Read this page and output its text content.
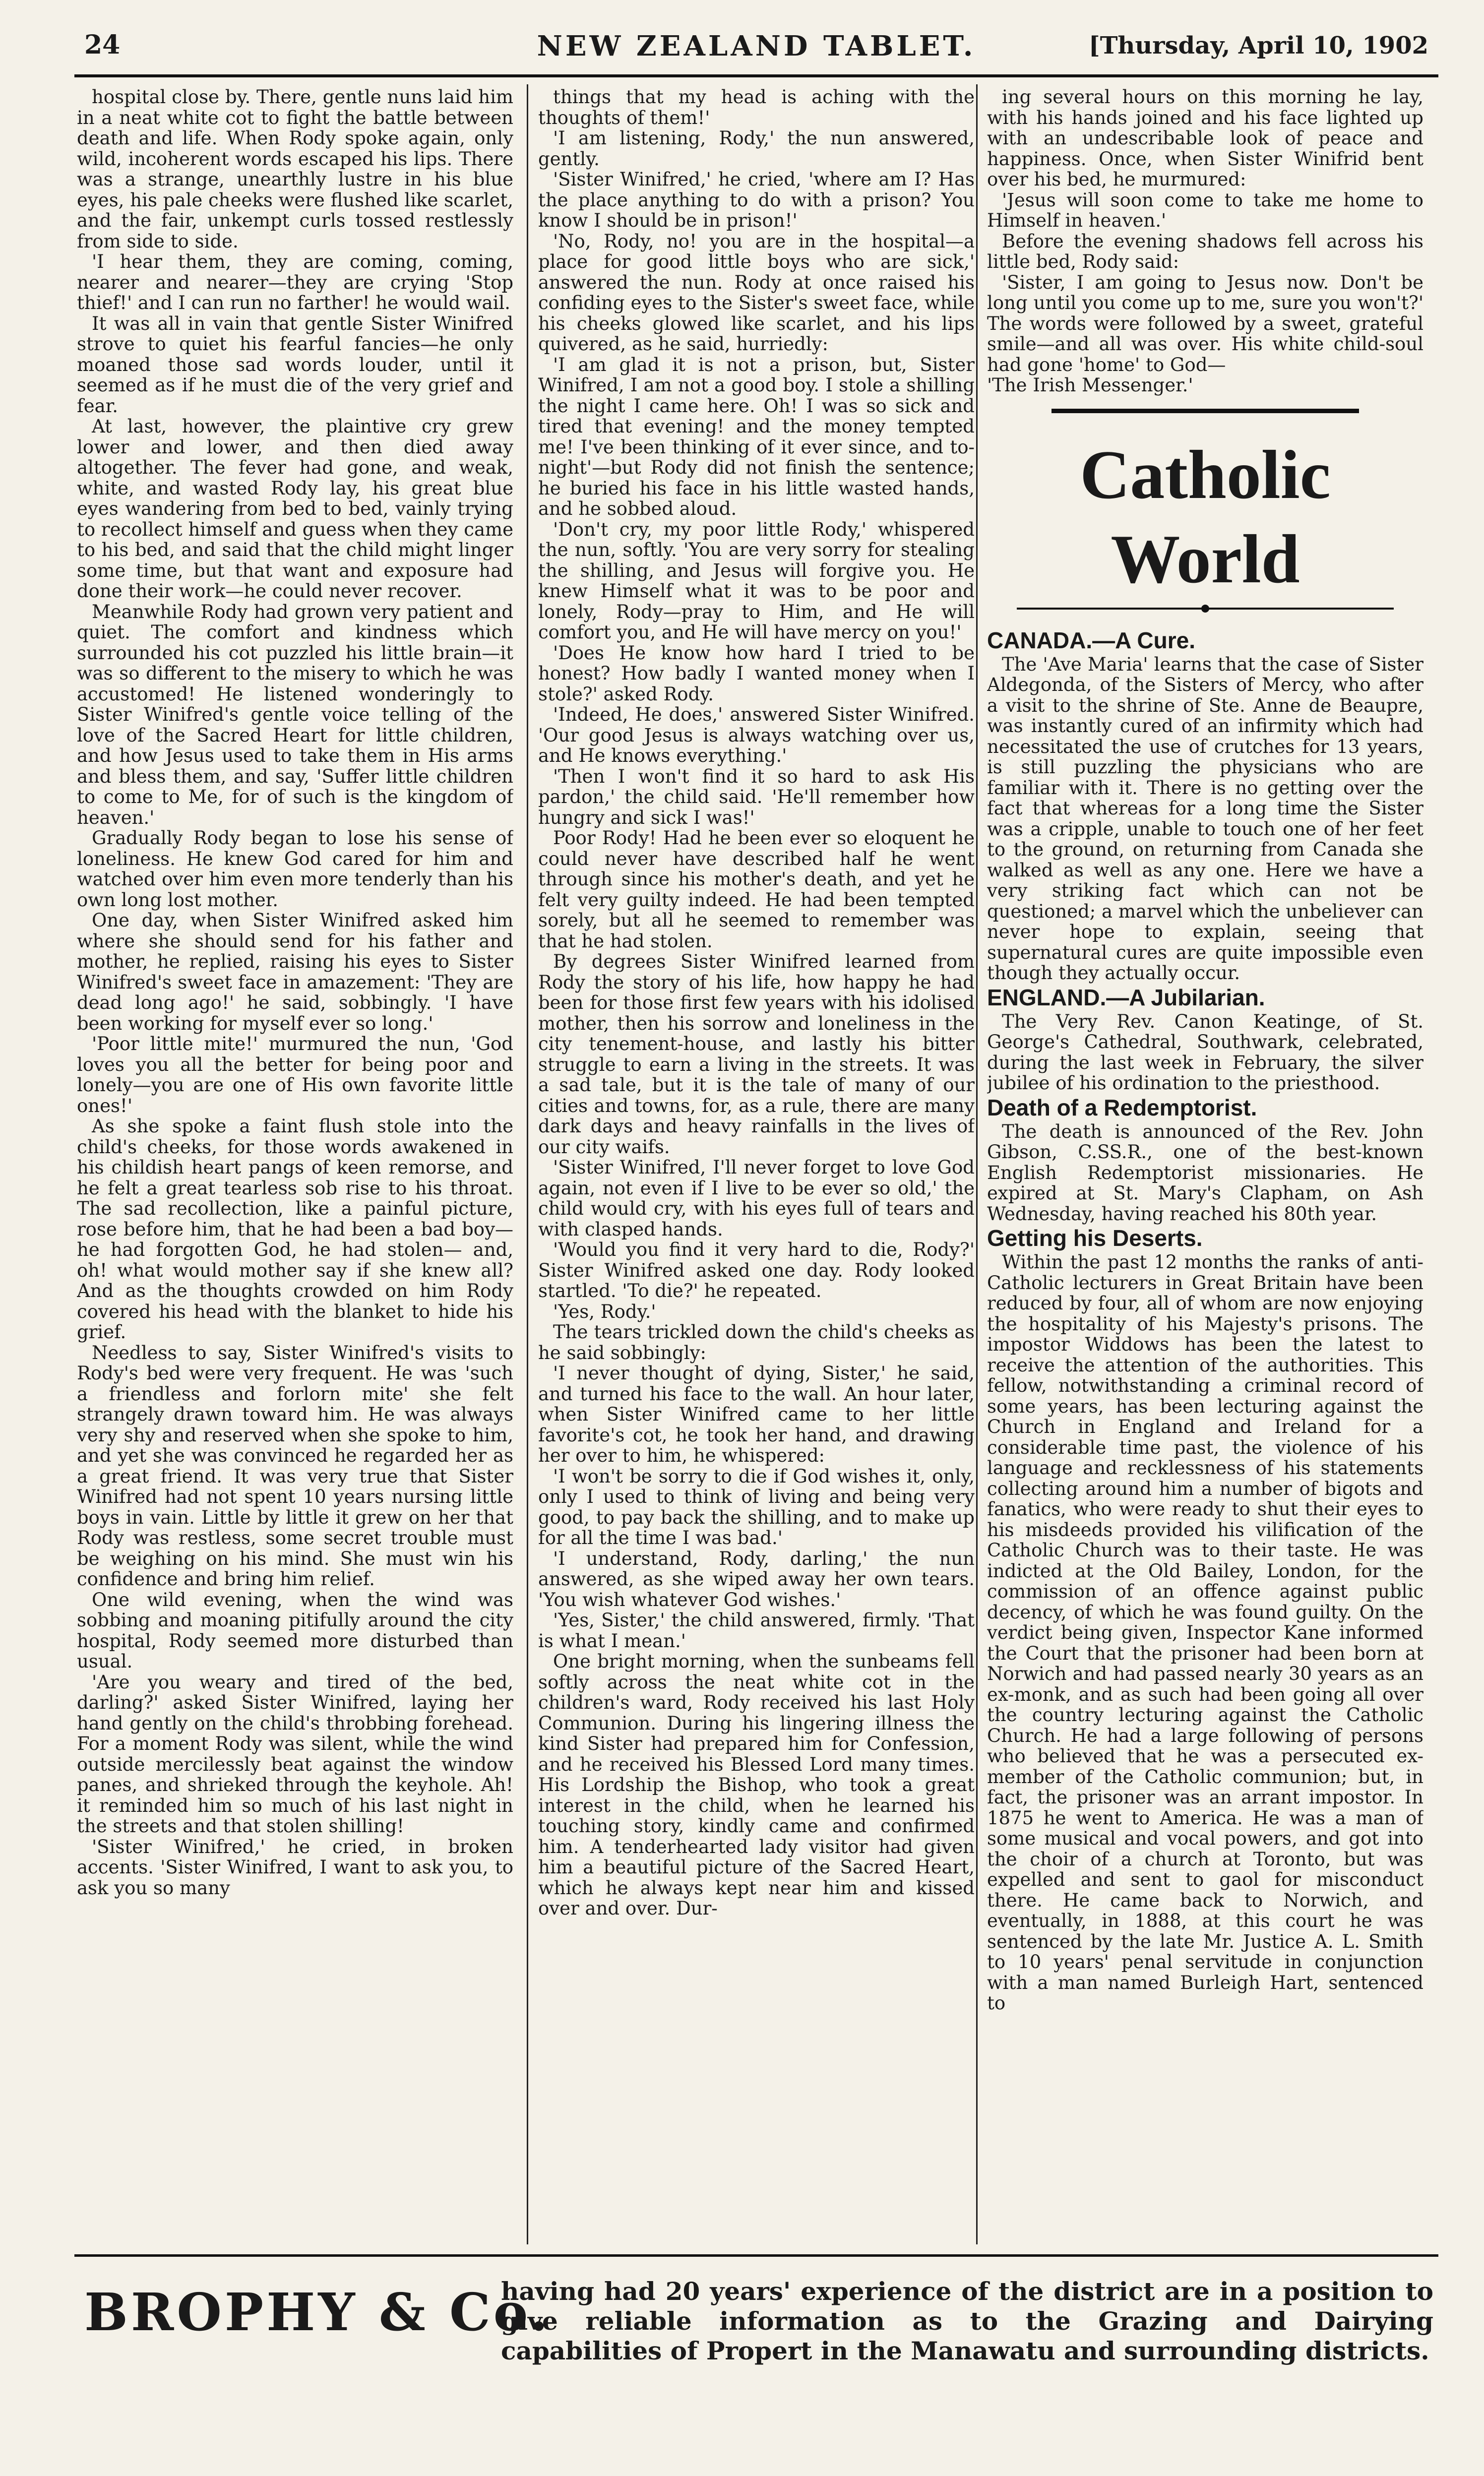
24	NEW ZEALAND TABLET.	[Thursday, April 10, 1902

hospital close by. There, gentle nuns laid him in a neat white cot to fight the battle between death and life. When Rody spoke again, only wild, incoherent words escaped his lips. There was a strange, unearthly lustre in his blue eyes, his pale cheeks were flushed like scarlet, and the fair, unkempt curls tossed restlessly from side to side.

'I hear them, they are coming, coming, nearer and nearer—they are crying 'Stop thief!' and I can run no farther! he would wail.

It was all in vain that gentle Sister Winifred strove to quiet his fearful fancies—he only moaned those sad words louder, until it seemed as if he must die of the very grief and fear.

At last, however, the plaintive cry grew lower and lower, and then died away altogether. The fever had gone, and weak, white, and wasted Rody lay, his great blue eyes wandering from bed to bed, vainly trying to recollect himself and guess when they came to his bed, and said that the child might linger some time, but that want and exposure had done their work—he could never recover.

Meanwhile Rody had grown very patient and quiet. The comfort and kindness which surrounded his cot puzzled his little brain—it was so different to the misery to which he was accustomed! He listened wonderingly to Sister Winifred's gentle voice telling of the love of the Sacred Heart for little children, and how Jesus used to take them in His arms and bless them, and say, 'Suffer little children to come to Me, for of such is the kingdom of heaven.'

Gradually Rody began to lose his sense of loneliness. He knew God cared for him and watched over him even more tenderly than his own long lost mother.

One day, when Sister Winifred asked him where she should send for his father and mother, he replied, raising his eyes to Sister Winifred's sweet face in amazement: 'They are dead long ago!' he said, sobbingly. 'I have been working for myself ever so long.'

'Poor little mite!' murmured the nun, 'God loves you all the better for being poor and lonely—you are one of His own favorite little ones!'

As she spoke a faint flush stole into the child's cheeks, for those words awakened in his childish heart pangs of keen remorse, and he felt a great tearless sob rise to his throat. The sad recollection, like a painful picture, rose before him, that he had been a bad boy—he had forgotten God, he had stolen— and, oh! what would mother say if she knew all? And as the thoughts crowded on him Rody covered his head with the blanket to hide his grief.

Needless to say, Sister Winifred's visits to Rody's bed were very frequent. He was 'such a friendless and forlorn mite' she felt strangely drawn toward him. He was always very shy and reserved when she spoke to him, and yet she was convinced he regarded her as a great friend. It was very true that Sister Winifred had not spent 10 years nursing little boys in vain. Little by little it grew on her that Rody was restless, some secret trouble must be weighing on his mind. She must win his confidence and bring him relief.

One wild evening, when the wind was sobbing and moaning pitifully around the city hospital, Rody seemed more disturbed than usual.

'Are you weary and tired of the bed, darling?' asked Sister Winifred, laying her hand gently on the child's throbbing forehead. For a moment Rody was silent, while the wind outside mercilessly beat against the window panes, and shrieked through the keyhole. Ah! it reminded him so much of his last night in the streets and that stolen shilling!

'Sister Winifred,' he cried, in broken accents. 'Sister Winifred, I want to ask you, to ask you so many

things that my head is aching with the thoughts of them!'

'I am listening, Rody,' the nun answered, gently.

'Sister Winifred,' he cried, 'where am I? Has the place anything to do with a prison? You know I should be in prison!'

'No, Rody, no! you are in the hospital—a place for good little boys who are sick,' answered the nun. Rody at once raised his confiding eyes to the Sister's sweet face, while his cheeks glowed like scarlet, and his lips quivered, as he said, hurriedly:

'I am glad it is not a prison, but, Sister Winifred, I am not a good boy. I stole a shilling the night I came here. Oh! I was so sick and tired that evening! and the money tempted me! I've been thinking of it ever since, and to-night'—but Rody did not finish the sentence; he buried his face in his little wasted hands, and he sobbed aloud.

'Don't cry, my poor little Rody,' whispered the nun, softly. 'You are very sorry for stealing the shilling, and Jesus will forgive you. He knew Himself what it was to be poor and lonely, Rody—pray to Him, and He will comfort you, and He will have mercy on you!'

'Does He know how hard I tried to be honest? How badly I wanted money when I stole?' asked Rody.

'Indeed, He does,' answered Sister Winifred. 'Our good Jesus is always watching over us, and He knows everything.'

'Then I won't find it so hard to ask His pardon,' the child said. 'He'll remember how hungry and sick I was!'

Poor Rody! Had he been ever so eloquent he could never have described half he went through since his mother's death, and yet he felt very guilty indeed. He had been tempted sorely, but all he seemed to remember was that he had stolen.

By degrees Sister Winifred learned from Rody the story of his life, how happy he had been for those first few years with his idolised mother, then his sorrow and loneliness in the city tenement-house, and lastly his bitter struggle to earn a living in the streets. It was a sad tale, but it is the tale of many of our cities and towns, for, as a rule, there are many dark days and heavy rainfalls in the lives of our city waifs.

'Sister Winifred, I'll never forget to love God again, not even if I live to be ever so old,' the child would cry, with his eyes full of tears and with clasped hands.

'Would you find it very hard to die, Rody?' Sister Winifred asked one day. Rody looked startled. 'To die?' he repeated.

'Yes, Rody.'

The tears trickled down the child's cheeks as he said sobbingly:

'I never thought of dying, Sister,' he said, and turned his face to the wall. An hour later, when Sister Winifred came to her little favorite's cot, he took her hand, and drawing her over to him, he whispered:

'I won't be sorry to die if God wishes it, only, only I used to think of living and being very good, to pay back the shilling, and to make up for all the time I was bad.'

'I understand, Rody, darling,' the nun answered, as she wiped away her own tears. 'You wish whatever God wishes.'

'Yes, Sister,' the child answered, firmly. 'That is what I mean.'

One bright morning, when the sunbeams fell softly across the neat white cot in the children's ward, Rody received his last Holy Communion. During his lingering illness the kind Sister had prepared him for Confession, and he received his Blessed Lord many times. His Lordship the Bishop, who took a great interest in the child, when he learned his touching story, kindly came and confirmed him. A tenderhearted lady visitor had given him a beautiful picture of the Sacred Heart, which he always kept near him and kissed over and over. Dur-

ing several hours on this morning he lay, with his hands joined and his face lighted up with an undescribable look of peace and happiness. Once, when Sister Winifrid bent over his bed, he murmured:

'Jesus will soon come to take me home to Himself in heaven.'

Before the evening shadows fell across his little bed, Rody said:

'Sister, I am going to Jesus now. Don't be long until you come up to me, sure you won't?' The words were followed by a sweet, grateful smile—and all was over. His white child-soul had gone 'home' to God—

'The Irish Messenger.'

Catholic World

CANADA.—A Cure.

The 'Ave Maria' learns that the case of Sister Aldegonda, of the Sisters of Mercy, who after a visit to the shrine of Ste. Anne de Beaupre, was instantly cured of an infirmity which had necessitated the use of crutches for 13 years, is still puzzling the physicians who are familiar with it. There is no getting over the fact that whereas for a long time the Sister was a cripple, unable to touch one of her feet to the ground, on returning from Canada she walked as well as any one. Here we have a very striking fact which can not be questioned; a marvel which the unbeliever can never hope to explain, seeing that supernatural cures are quite impossible even though they actually occur.

ENGLAND.—A Jubilarian.

The Very Rev. Canon Keatinge, of St. George's Cathedral, Southwark, celebrated, during the last week in February, the silver jubilee of his ordination to the priesthood.

Death of a Redemptorist.

The death is announced of the Rev. John Gibson, C.SS.R., one of the best-known English Redemptorist missionaries. He expired at St. Mary's Clapham, on Ash Wednesday, having reached his 80th year.

Getting his Deserts.

Within the past 12 months the ranks of anti-Catholic lecturers in Great Britain have been reduced by four, all of whom are now enjoying the hospitality of his Majesty's prisons. The impostor Widdows has been the latest to receive the attention of the authorities. This fellow, notwithstanding a criminal record of some years, has been lecturing against the Church in England and Ireland for a considerable time past, the violence of his language and recklessness of his statements collecting around him a number of bigots and fanatics, who were ready to shut their eyes to his misdeeds provided his vilification of the Catholic Church was to their taste. He was indicted at the Old Bailey, London, for the commission of an offence against public decency, of which he was found guilty. On the verdict being given, Inspector Kane informed the Court that the prisoner had been born at Norwich and had passed nearly 30 years as an ex-monk, and as such had been going all over the country lecturing against the Catholic Church. He had a large following of persons who believed that he was a persecuted ex-member of the Catholic communion; but, in fact, the prisoner was an arrant impostor. In 1875 he went to America. He was a man of some musical and vocal powers, and got into the choir of a church at Toronto, but was expelled and sent to gaol for misconduct there. He came back to Norwich, and eventually, in 1888, at this court he was sentenced by the late Mr. Justice A. L. Smith to 10 years' penal servitude in conjunction with a man named Burleigh Hart, sentenced to

BROPHY & Co.
having had 20 years' experience of the district are in a position to give reliable information as to the Grazing and Dairying capabilities of Propert in the Manawatu and surrounding districts.
